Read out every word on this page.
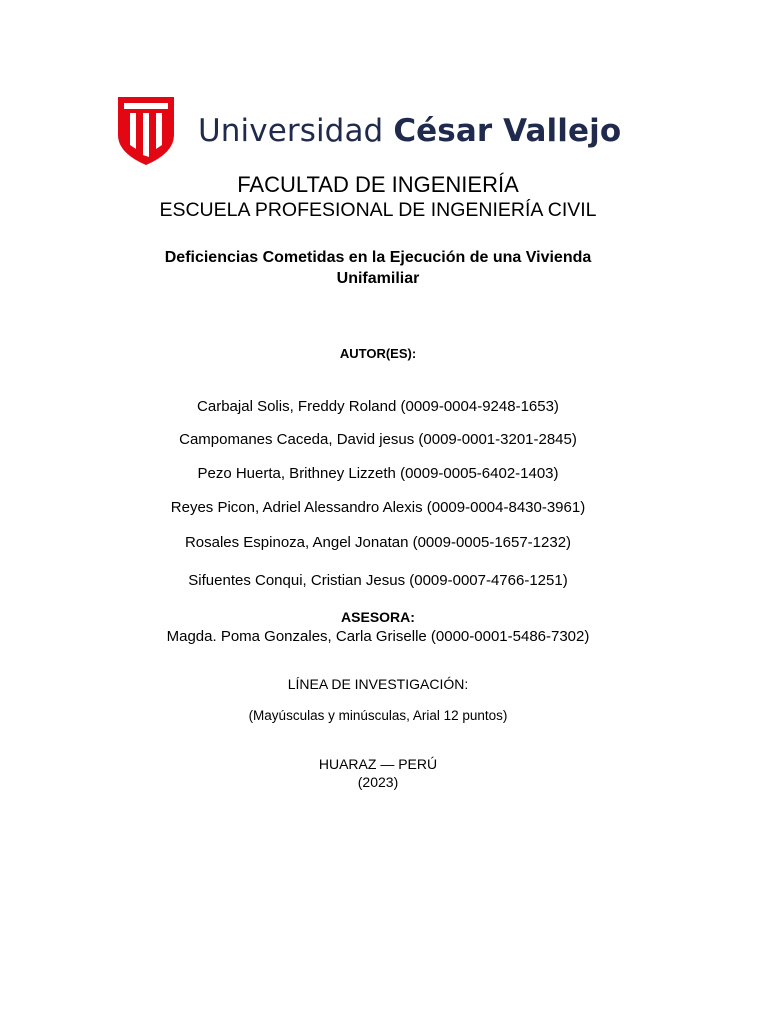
Universidad César Vallejo
FACULTAD DE INGENIERÍA
ESCUELA PROFESIONAL DE INGENIERÍA CIVIL
Deficiencias Cometidas en la Ejecución de una Vivienda
Unifamiliar
AUTOR(ES):
Carbajal Solis, Freddy Roland (0009-0004-9248-1653)
Campomanes Caceda, David jesus (0009-0001-3201-2845)
Pezo Huerta, Brithney Lizzeth (0009-0005-6402-1403)
Reyes Picon, Adriel Alessandro Alexis (0009-0004-8430-3961)
Rosales Espinoza, Angel Jonatan (0009-0005-1657-1232)
Sifuentes Conqui, Cristian Jesus (0009-0007-4766-1251)
ASESORA:
Magda. Poma Gonzales, Carla Griselle (0000-0001-5486-7302)
LÍNEA DE INVESTIGACIÓN:
(Mayúsculas y minúsculas, Arial 12 puntos)
HUARAZ — PERÚ
(2023)
